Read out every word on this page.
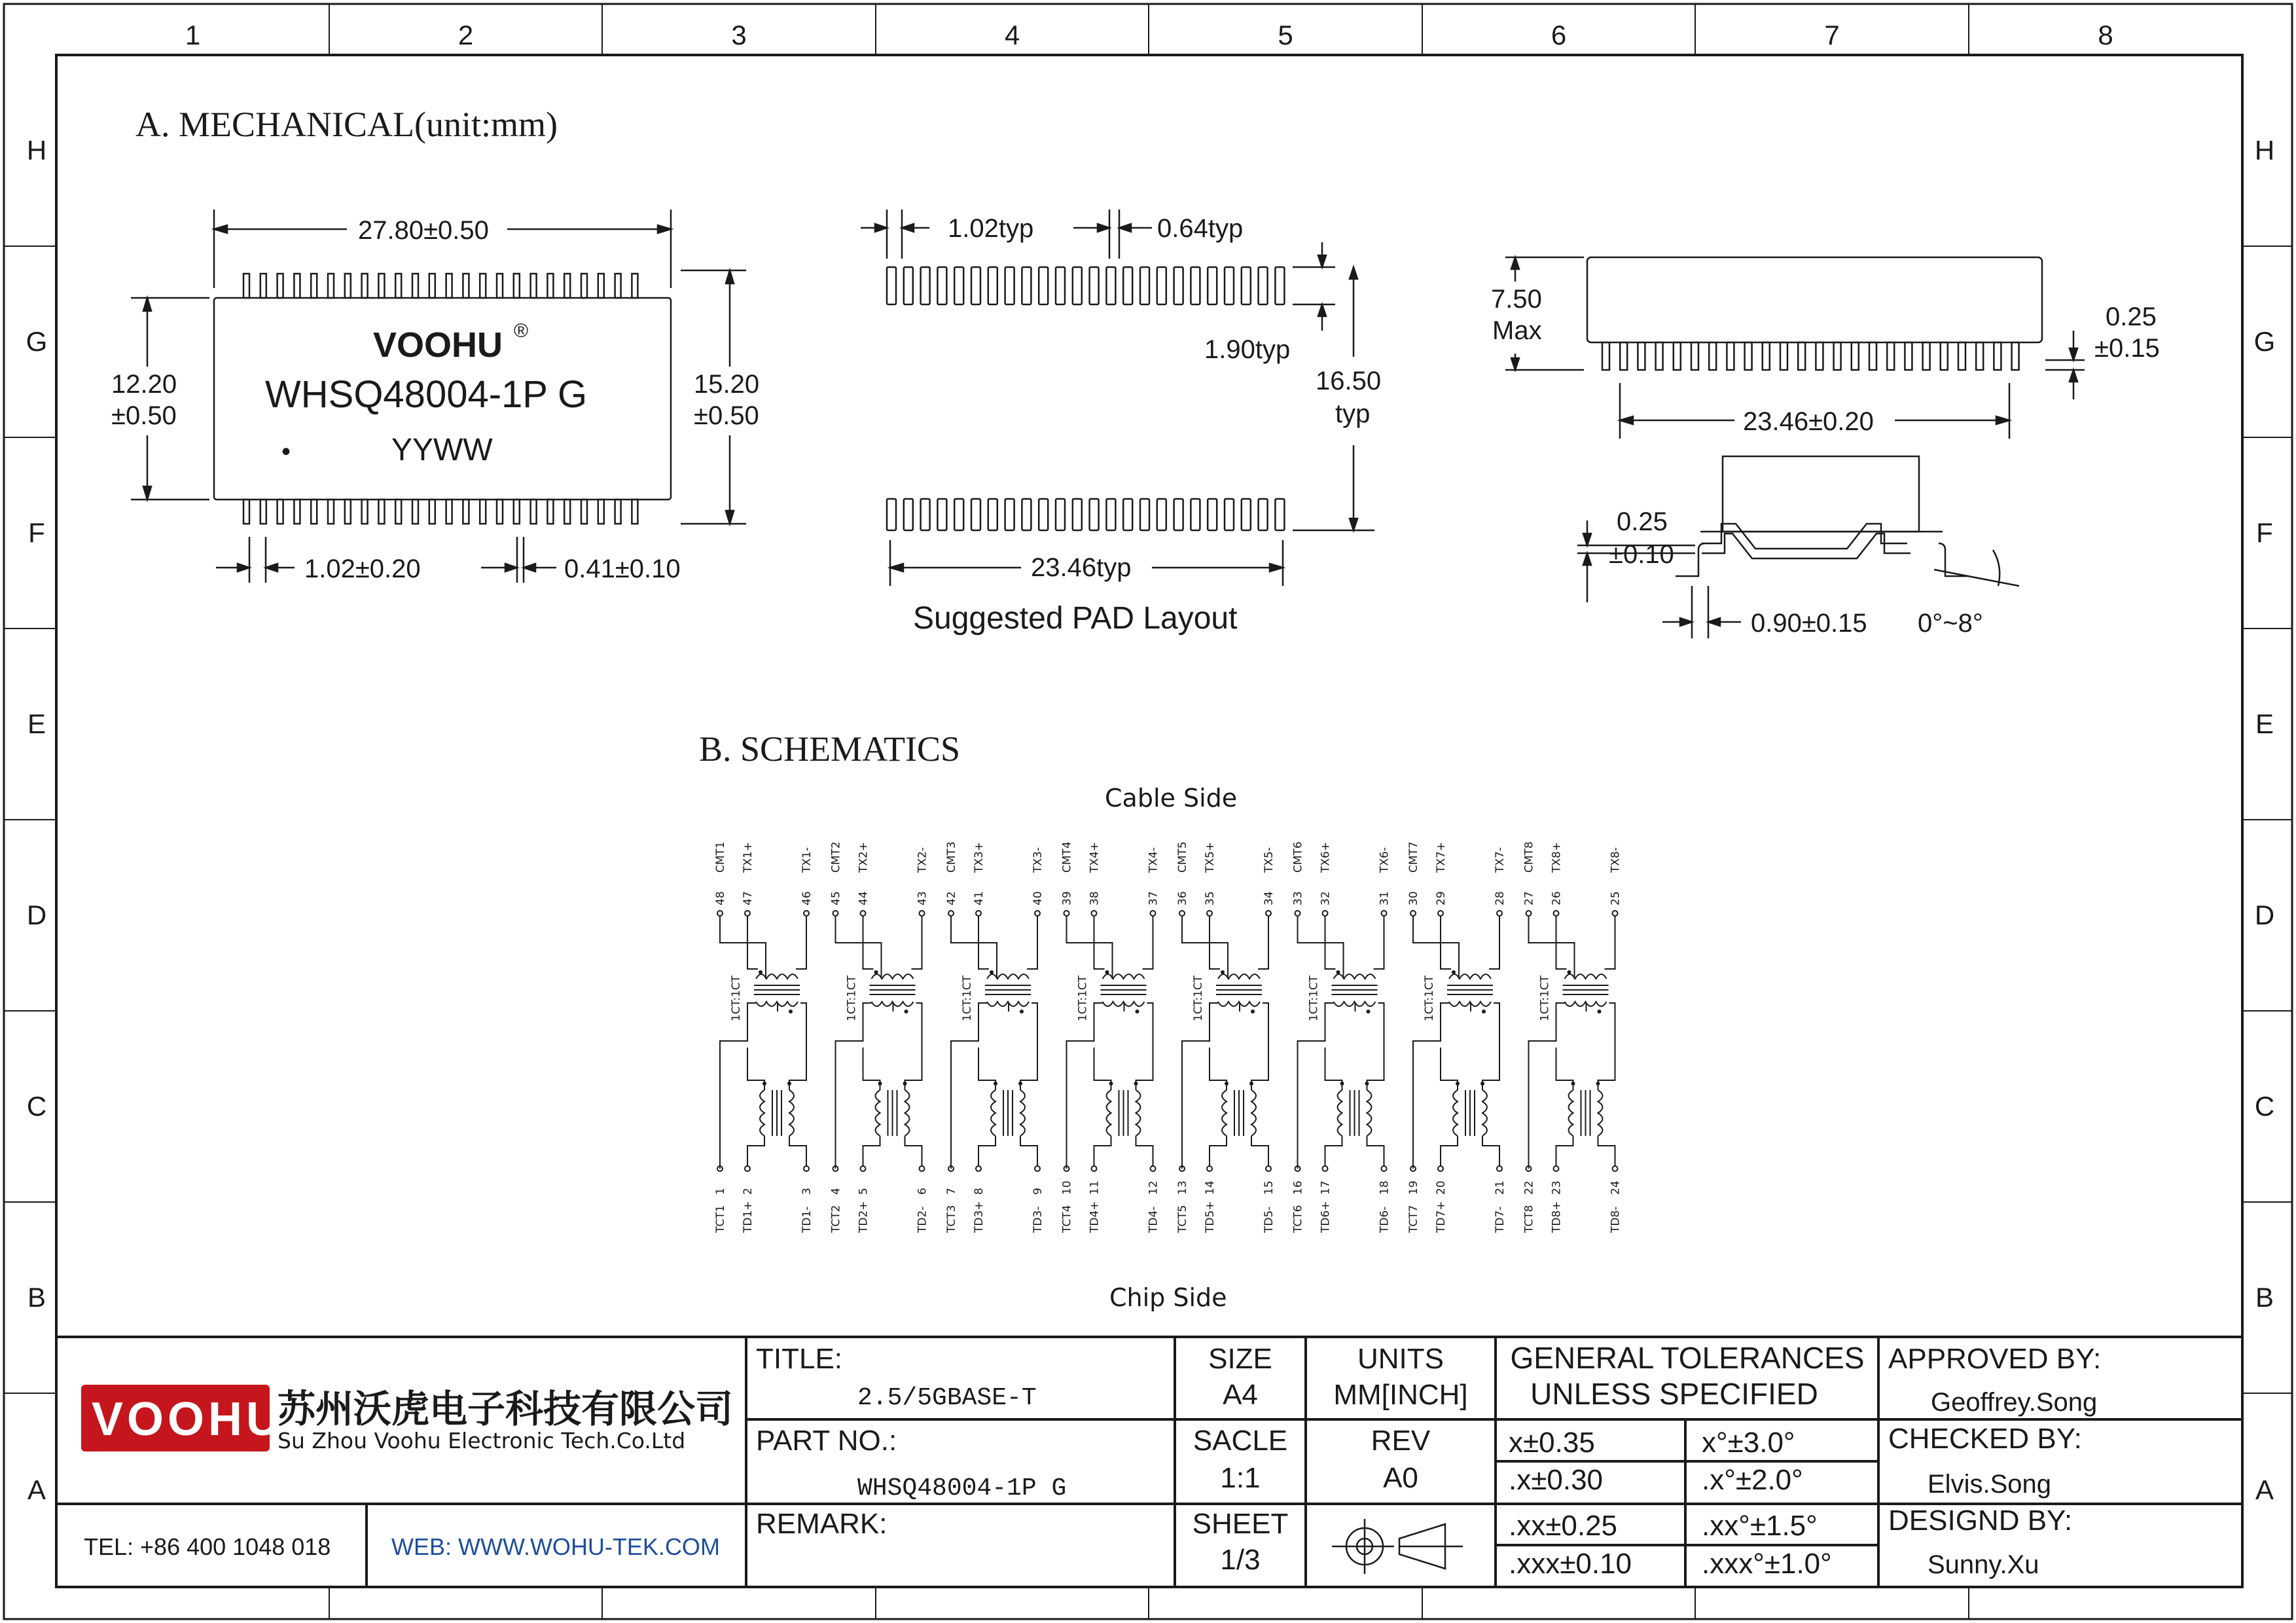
1	2	3	4	5	6	7	8
H	H
G	G
F	F
E	E
D	D
C	C
B	B
A	A
A. MECHANICAL(unit:mm)
VOOHU ®
WHSQ48004-1P G
•	YYWW
27.80±0.50
12.20
±0.50
15.20
±0.50
1.02±0.20	0.41±0.10
1.02typ	0.64typ
1.90typ
16.50
typ
23.46typ
Suggested PAD Layout
7.50
Max	0.25
±0.15
23.46±0.20
0.25
±0.10
0.90±0.15 0°~8°
B. SCHEMATICS
Cable Side
Chip Side
48
CMT1
47
TX1+
46
TX1-
1
TCT1
2
TD1+
3
TD1-
1CT:1CT
45
CMT2
44
TX2+
43
TX2-
4
TCT2
5
TD2+
6
TD2-
1CT:1CT
42
CMT3
41
TX3+
40
TX3-
7
TCT3
8
TD3+
9
TD3-
1CT:1CT
39
CMT4
38
TX4+
37
TX4-
10
TCT4
11
TD4+
12
TD4-
1CT:1CT
36
CMT5
35
TX5+
34
TX5-
13
TCT5
14
TD5+
15
TD5-
1CT:1CT
33
CMT6
32
TX6+
31
TX6-
16
TCT6
17
TD6+
18
TD6-
1CT:1CT
30
CMT7
29
TX7+
28
TX7-
19
TCT7
20
TD7+
21
TD7-
1CT:1CT
27
CMT8
26
TX8+
25
TX8-
22
TCT8
23
TD8+
24
TD8-
1CT:1CT
VOOHU
苏州沃虎电子科技有限公司
Su Zhou Voohu Electronic Tech.Co.Ltd
TEL: +86 400 1048 018	WEB: WWW.WOHU-TEK.COM
TITLE:
2.5/5GBASE-T
PART NO.:
WHSQ48004-1P G
REMARK:
SIZE
A4
SACLE
1:1
SHEET
1/3
UNITS
MM[INCH]
REV
A0
GENERAL TOLERANCES
UNLESS SPECIFIED
x±0.35	x°±3.0°
.x±0.30	.x°±2.0°
.xx±0.25	.xx°±1.5°
.xxx±0.10 .xxx°±1.0°
APPROVED BY:
Geoffrey.Song
CHECKED BY:
Elvis.Song
DESIGND BY:
Sunny.Xu
